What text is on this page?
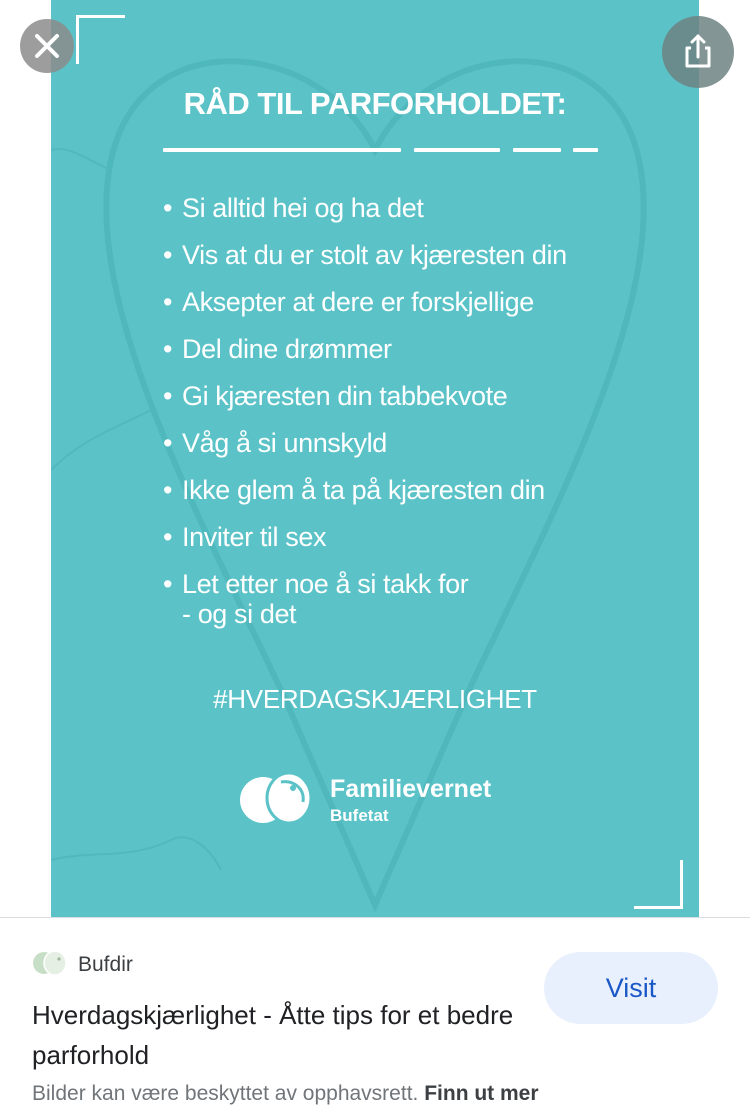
RÅD TIL PARFORHOLDET:
• Si alltid hei og ha det
• Vis at du er stolt av kjæresten din
• Aksepter at dere er forskjellige
• Del dine drømmer
• Gi kjæresten din tabbekvote
• Våg å si unnskyld
• Ikke glem å ta på kjæresten din
• Inviter til sex
• Let etter noe å si takk for
- og si det
#HVERDAGSKJÆRLIGHET
Familievernet
Bufetat
Bufdir
Hverdagskjærlighet - Åtte tips for et bedre parforhold
Visit
Bilder kan være beskyttet av opphavsrett. Finn ut mer
